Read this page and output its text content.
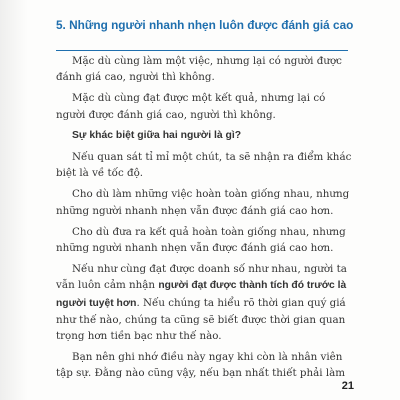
5. Những người nhanh nhẹn luôn được đánh giá cao

Mặc dù cùng làm một việc, nhưng lại có người được đánh giá cao, người thì không.

Mặc dù cùng đạt được một kết quả, nhưng lại có người được đánh giá cao, người thì không.

Sự khác biệt giữa hai người là gì?

Nếu quan sát tỉ mỉ một chút, ta sẽ nhận ra điểm khác biệt là về tốc độ.

Cho dù làm những việc hoàn toàn giống nhau, nhưng những người nhanh nhẹn vẫn được đánh giá cao hơn.

Cho dù đưa ra kết quả hoàn toàn giống nhau, nhưng những người nhanh nhẹn vẫn được đánh giá cao hơn.

Nếu như cùng đạt được doanh số như nhau, người ta vẫn luôn cảm nhận người đạt được thành tích đó trước là người tuyệt hơn. Nếu chúng ta hiểu rõ thời gian quý giá như thế nào, chúng ta cũng sẽ biết được thời gian quan trọng hơn tiền bạc như thế nào.

Bạn nên ghi nhớ điều này ngay khi còn là nhân viên tập sự. Đằng nào cũng vậy, nếu bạn nhất thiết phải làm

21
